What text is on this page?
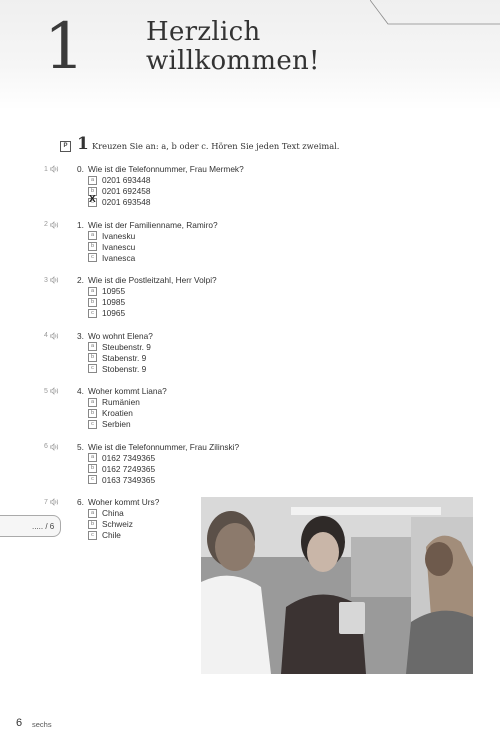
1 Herzlich
willkommen!
P 1 Kreuzen Sie an: a, b oder c. Hören Sie jeden Text zweimal.
1	0. Wie ist die Telefonnummer, Frau Mermek?
a 0201 693448
b 0201 692458
c X 0201 693548
2	1. Wie ist der Familienname, Ramiro?
a Ivanesku
b Ivanescu
c Ivanesca
3	2. Wie ist die Postleitzahl, Herr Volpi?
a 10955
b 10985
c 10965
4	3. Wo wohnt Elena?
a Steubenstr. 9
b Stabenstr. 9
c Stobenstr. 9
5	4. Woher kommt Liana?
a Rumänien
b Kroatien
c Serbien
6	5. Wie ist die Telefonnummer, Frau Zilinski?
a 0162 7349365
b 0162 7249365
c 0163 7349365
7	6. Woher kommt Urs?
a China
b Schweiz
c Chile
..... / 6
6 sechs
